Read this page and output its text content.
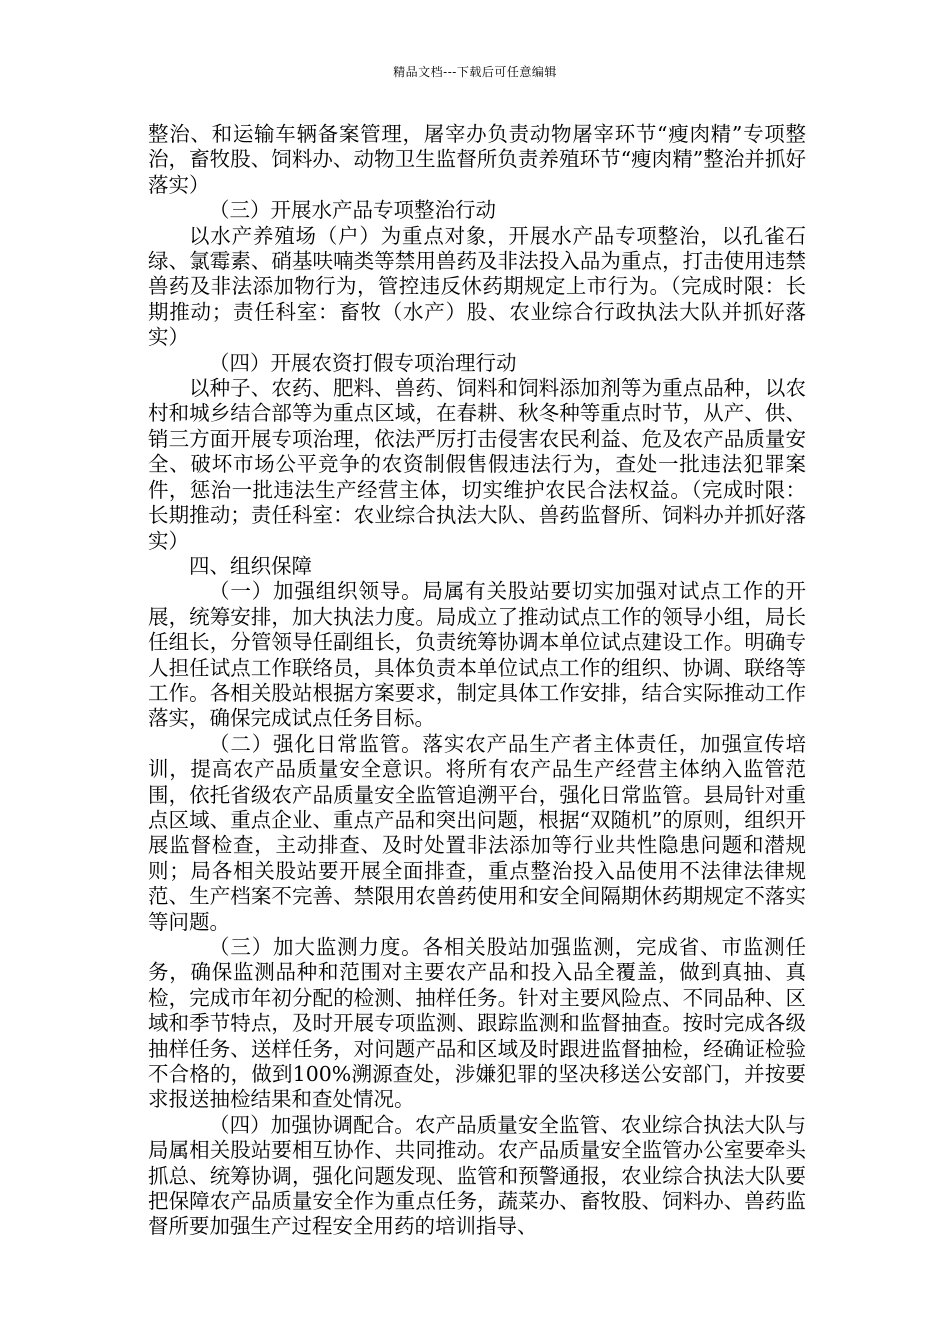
精品文档---下载后可任意编辑

整治、和运输车辆备案管理，屠宰办负责动物屠宰环节“瘦肉精”专项整治，畜牧股、饲料办、动物卫生监督所负责养殖环节“瘦肉精”整治并抓好落实）

（三）开展水产品专项整治行动

以水产养殖场（户）为重点对象，开展水产品专项整治，以孔雀石绿、氯霉素、硝基呋喃类等禁用兽药及非法投入品为重点，打击使用违禁兽药及非法添加物行为，管控违反休药期规定上市行为。（完成时限：长期推动；责任科室：畜牧（水产）股、农业综合行政执法大队并抓好落实）

（四）开展农资打假专项治理行动

以种子、农药、肥料、兽药、饲料和饲料添加剂等为重点品种，以农村和城乡结合部等为重点区域，在春耕、秋冬种等重点时节，从产、供、销三方面开展专项治理，依法严厉打击侵害农民利益、危及农产品质量安全、破坏市场公平竞争的农资制假售假违法行为，查处一批违法犯罪案件，惩治一批违法生产经营主体，切实维护农民合法权益。（完成时限：长期推动；责任科室：农业综合执法大队、兽药监督所、饲料办并抓好落实）

四、组织保障

（一）加强组织领导。局属有关股站要切实加强对试点工作的开展，统筹安排，加大执法力度。局成立了推动试点工作的领导小组，局长任组长，分管领导任副组长，负责统筹协调本单位试点建设工作。明确专人担任试点工作联络员，具体负责本单位试点工作的组织、协调、联络等工作。各相关股站根据方案要求，制定具体工作安排，结合实际推动工作落实，确保完成试点任务目标。

（二）强化日常监管。落实农产品生产者主体责任，加强宣传培训，提高农产品质量安全意识。将所有农产品生产经营主体纳入监管范围，依托省级农产品质量安全监管追溯平台，强化日常监管。县局针对重点区域、重点企业、重点产品和突出问题，根据“双随机”的原则，组织开展监督检查，主动排查、及时处置非法添加等行业共性隐患问题和潜规则；局各相关股站要开展全面排查，重点整治投入品使用不法律法律规范、生产档案不完善、禁限用农兽药使用和安全间隔期休药期规定不落实等问题。

（三）加大监测力度。各相关股站加强监测，完成省、市监测任务，确保监测品种和范围对主要农产品和投入品全覆盖，做到真抽、真检，完成市年初分配的检测、抽样任务。针对主要风险点、不同品种、区域和季节特点，及时开展专项监测、跟踪监测和监督抽查。按时完成各级抽样任务、送样任务，对问题产品和区域及时跟进监督抽检，经确证检验不合格的，做到100%溯源查处，涉嫌犯罪的坚决移送公安部门，并按要求报送抽检结果和查处情况。

（四）加强协调配合。农产品质量安全监管、农业综合执法大队与局属相关股站要相互协作、共同推动。农产品质量安全监管办公室要牵头抓总、统筹协调，强化问题发现、监管和预警通报，农业综合执法大队要把保障农产品质量安全作为重点任务，蔬菜办、畜牧股、饲料办、兽药监督所要加强生产过程安全用药的培训指导、
